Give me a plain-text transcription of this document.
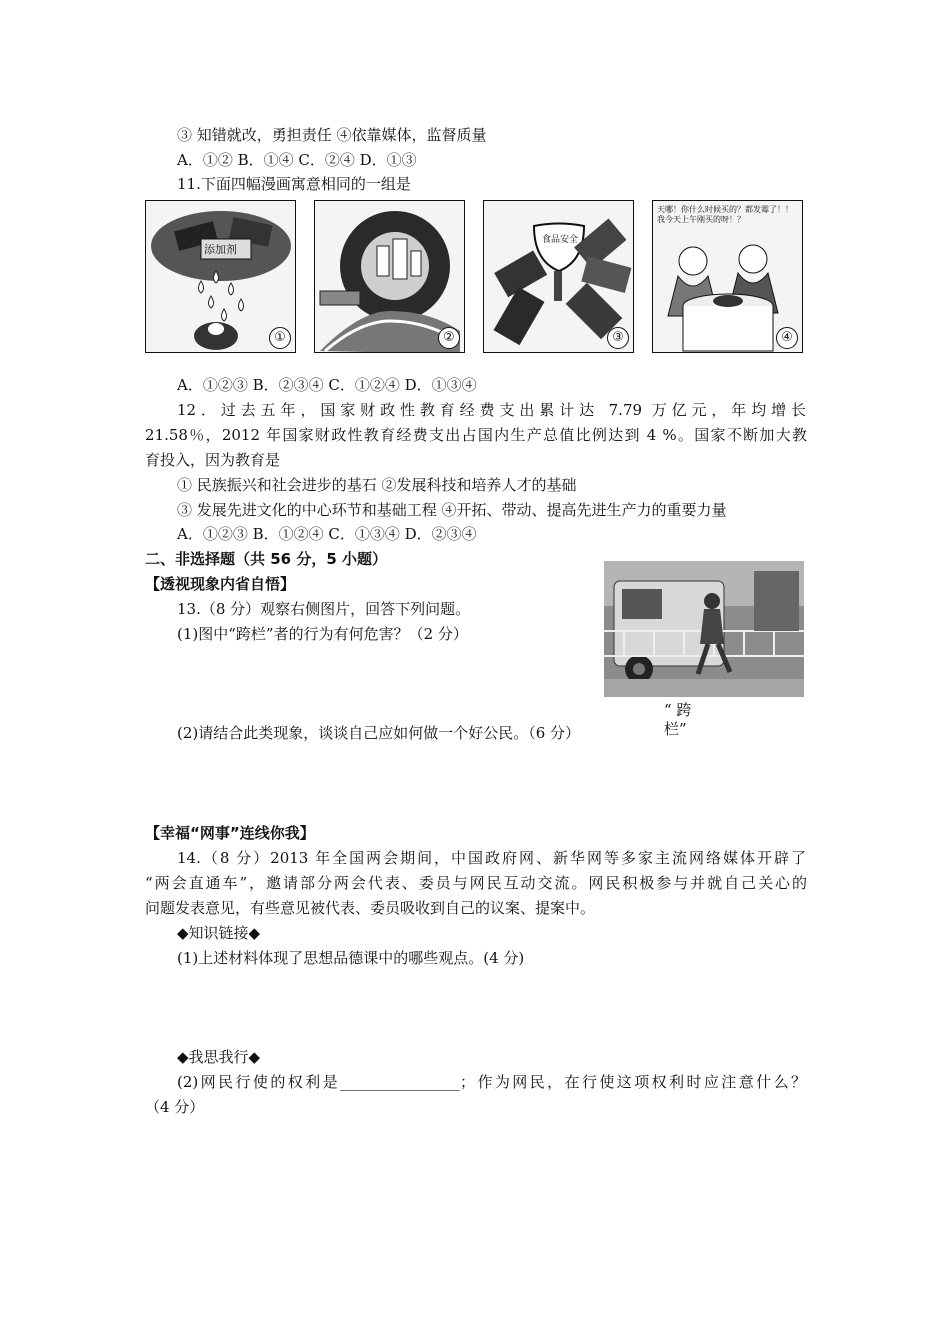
③ 知错就改，勇担责任 ④依靠媒体，监督质量
A．①② B．①④ C．②④ D．①③
11.下面四幅漫画寓意相同的一组是
添加剂
①	②
食品安全
③
天哪！你什么时候买的？都发霉了！！ 我今天上午刚买的呀！？
④
A．①②③ B．②③④ C．①②④ D．①③④
12．过去五年，国家财政性教育经费支出累计达 7.79 万亿元，年均增长
21.58％，2012 年国家财政性教育经费支出占国内生产总值比例达到 4 %。国家不断加大教
育投入，因为教育是
① 民族振兴和社会进步的基石 ②发展科技和培养人才的基础
③ 发展先进文化的中心环节和基础工程 ④开拓、带动、提高先进生产力的重要力量
A．①②③ B．①②④ C．①③④ D．②③④
二、非选择题（共 56 分，5 小题）
【透视现象内省自悟】
13.（8 分）观察右侧图片，回答下列问题。
(1)图中“跨栏”者的行为有何危害？（2 分）
“ 跨
栏”
(2)请结合此类现象，谈谈自己应如何做一个好公民。（6 分）
【幸福“网事”连线你我】
14.（8 分）2013 年全国两会期间，中国政府网、新华网等多家主流网络媒体开辟了
“两会直通车”，邀请部分两会代表、委员与网民互动交流。网民积极参与并就自己关心的
问题发表意见，有些意见被代表、委员吸收到自己的议案、提案中。
◆知识链接◆
(1)上述材料体现了思想品德课中的哪些观点。(4 分)
◆我思我行◆
(2)网民行使的权利是________________；作为网民，在行使这项权利时应注意什么？
（4 分）
